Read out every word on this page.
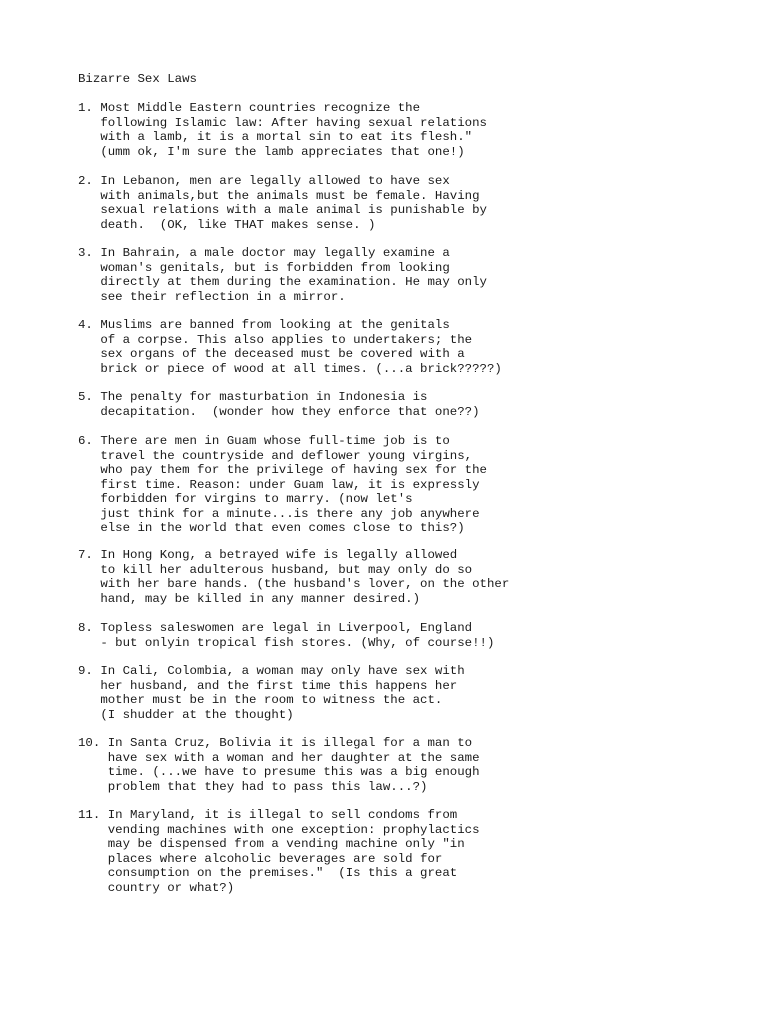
Bizarre Sex Laws

1. Most Middle Eastern countries recognize the
following Islamic law: After having sexual relations
with a lamb, it is a mortal sin to eat its flesh."
(umm ok, I'm sure the lamb appreciates that one!)
2. In Lebanon, men are legally allowed to have sex
with animals,but the animals must be female. Having
sexual relations with a male animal is punishable by
death.  (OK, like THAT makes sense. )
3. In Bahrain, a male doctor may legally examine a
woman's genitals, but is forbidden from looking
directly at them during the examination. He may only
see their reflection in a mirror.
4. Muslims are banned from looking at the genitals
of a corpse. This also applies to undertakers; the
sex organs of the deceased must be covered with a
brick or piece of wood at all times. (...a brick?????)
5. The penalty for masturbation in Indonesia is
decapitation.  (wonder how they enforce that one??)
6. There are men in Guam whose full-time job is to
travel the countryside and deflower young virgins,
who pay them for the privilege of having sex for the
first time. Reason: under Guam law, it is expressly
forbidden for virgins to marry. (now let's
just think for a minute...is there any job anywhere
else in the world that even comes close to this?)
7. In Hong Kong, a betrayed wife is legally allowed
to kill her adulterous husband, but may only do so
with her bare hands. (the husband's lover, on the other
hand, may be killed in any manner desired.)
8. Topless saleswomen are legal in Liverpool, England
- but onlyin tropical fish stores. (Why, of course!!)
9. In Cali, Colombia, a woman may only have sex with
her husband, and the first time this happens her
mother must be in the room to witness the act.
(I shudder at the thought)
10. In Santa Cruz, Bolivia it is illegal for a man to
have sex with a woman and her daughter at the same
time. (...we have to presume this was a big enough
problem that they had to pass this law...?)
11. In Maryland, it is illegal to sell condoms from
vending machines with one exception: prophylactics
may be dispensed from a vending machine only "in
places where alcoholic beverages are sold for
consumption on the premises."  (Is this a great
country or what?)
